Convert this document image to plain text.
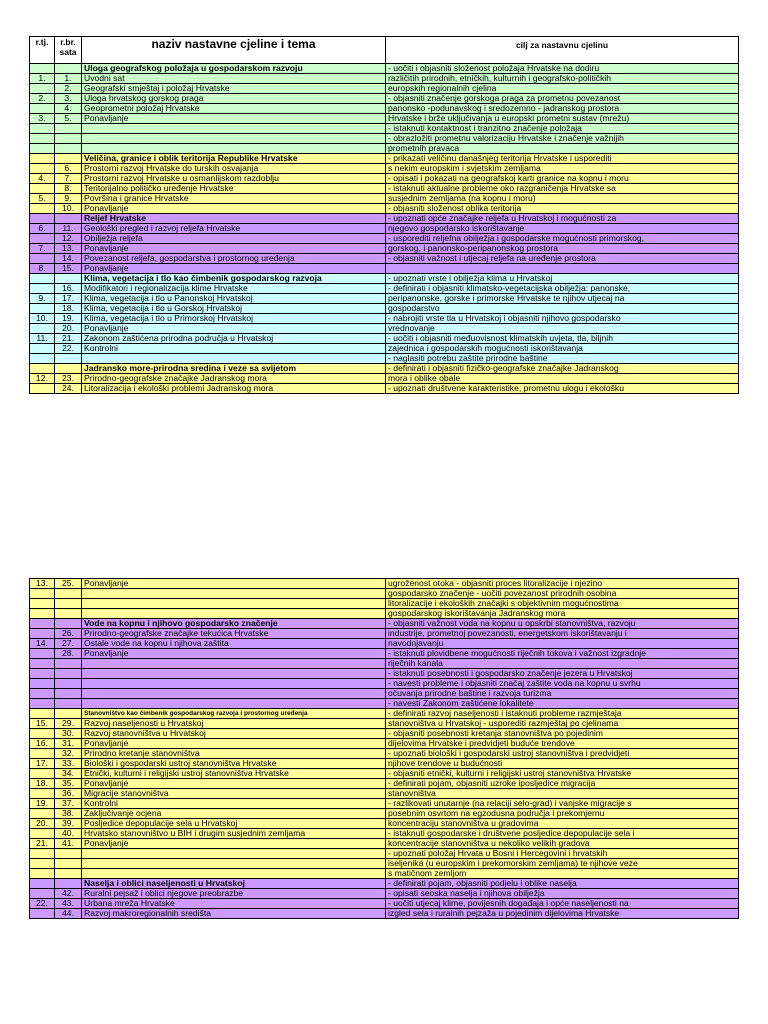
r.tj.	r.br. sata	naziv nastavne cjeline i tema	cilj za nastavnu cjelinu
		Uloga geografskog položaja u gospodarskom razvoju	- uočiti i objasniti složenost položaja Hrvatske na dodiru
1.	1.	Uvodni sat	različitih prirodnih, etničkih, kulturnih i geografsko-političkih
	2.	Geografski smještaj i položaj Hrvatske	europskih regionalnih cjelina
2.	3.	Uloga hrvatskog gorskog praga	- objasniti značenje gorskoga praga za prometnu povezanost
	4.	Geoprometni položaj Hrvatske	panonsko -podunavskog i sredozemno - jadranskog prostora
3.	5.	Ponavljanje	Hrvatske i brže uključivanja u europski prometni sustav (mrežu)
			- istaknuti kontaktnost i tranzitno značenje položaja
			- obrazložiti prometnu valorizaciju Hrvatske i značenje važnijih
			prometnih pravaca
		Veličina, granice i oblik teritorija Republike Hrvatske	- prikazati veličinu današnjeg teritorija Hrvatske i usporediti
	6.	Prostorni razvoj Hrvatske do turskih osvajanja	s nekim europskim i svjetskim zemljama
4.	7.	Prostorni razvoj Hrvatske u osmanlijskom razdoblju	- opisati i pokazati na geografskoj karti granice na kopnu i moru
	8.	Teritorijalno političko uređenje Hrvatske	- istaknuti aktualne probleme oko razgraničenja Hrvatske sa
5.	9.	Površina i granice Hrvatske	susjednim zemljama (na kopnu i moru)
	10.	Ponavljanje	- objasniti složenost oblika teritorija
		Reljef Hrvatske	- upoznati opće značajke reljefa u Hrvatskoj i mogućnosti za
6.	11.	Geološki pregled i razvoj reljefa Hrvatske	njegovo gospodarsko iskorištavanje
	12.	Obilježja reljefa	- usporediti reljefna obilježja i gospodarske mogućnosti primorskog,
7.	13.	Ponavljanje	gorskog, i panonsko-peripanonskog prostora
	14.	Povezanost reljefa, gospodarstva i prostornog uređenja	- objasniti važnost i utjecaj reljefa na uređenje prostora
8.	15.	Ponavljanje	
		Klima, vegetacija i tlo kao čimbenik gospodarskog razvoja	- upoznati vrste i obilježja klima u Hrvatskoj
	16.	Modifikatori i regionalizacija klime Hrvatske	- definirati i objasniti klimatsko-vegetacijska obilježja: panonske,
9.	17.	Klima, vegetacija i tlo u Panonskoj Hrvatskoj	peripanonske, gorske i primorske Hrvatske te njihov utjecaj na
	18.	Klima, vegetacija i tlo u Gorskoj Hrvatskoj	gospodarstvo
10.	19.	Klima, vegetacija i tlo u Primorskoj Hrvatskoj	- nabrojiti vrste tla u Hrvatskoj i objasniti njihovo gospodarsko
	20.	Ponavljanje	vrednovanje
11.	21.	Zakonom zaštićena prirodna područja u Hrvatskoj	- uočiti i objasniti međuovisnost klimatskih uvjeta, tla, biljnih
	22.	Kontrolni	zajednica i gospodarskih mogućnosti iskorištavanja
			- naglasiti potrebu zaštite prirodne baštine
		Jadransko more-prirodna sredina i veze sa svijetom	- definirati i objasniti fizičko-geografske značajke Jadranskog
12.	23.	Prirodno-geografske značajke Jadranskog mora	mora i oblike obale
	24.	Litoralizacija i ekološki problemi Jadranskog mora	- upoznati društvene karakteristike, prometnu ulogu i ekološku
13.	25.	Ponavljanje	ugroženost otoka - objasniti proces litoralizacije i njezino
			gospodarsko značenje - uočiti povezanost prirodnih osobina
			litoralizacije i ekoloških značajki s objektivnim mogućnostima
			gospodarskog iskorištavanja Jadranskog mora
		Vode na kopnu i njihovo gospodarsko značenje	- objasniti važnost voda na kopnu u opskrbi stanovništva, razvoju
	26.	Prirodno-geografske značajke tekućica Hrvatske	industrije, prometnoj povezanosti, energetskom iskorištavanju i
14.	27.	Ostale vode na kopnu i njihova zaštita	navodnjavanju
	28.	Ponavljanje	- istaknuti plovidbene mogućnosti riječnih tokova i važnost izgradnje
			riječnih kanala
			- istaknuti posebnosti i gospodarsko značenje jezera u Hrvatskoj
			- navesti probleme i objasniti značaj zaštite voda na kopnu u svrhu
			očuvanja prirodne baštine i razvoja turizma
			- navesti Zakonom zaštićene lokalitete
		Stanovništvo kao čimbenik gospodarskog razvoja i prostornog uređenja	- definirati razvoj naseljenosti i istaknuti probleme razmještaja
15.	29.	Razvoj naseljenosti u Hrvatskoj	stanovništva u Hrvatskoj - usporediti razmještaj po cjelinama
	30.	Razvoj stanovništva u Hrvatskoj	- objasniti posebnosti kretanja stanovništva po pojedinim
16.	31.	Ponavljanje	dijelovima Hrvatske i predvidjeti buduće trendove
	32.	Prirodno kretanje stanovništva	- upoznati biološki i gospodarski ustroj stanovništva i predvidjeti
17.	33.	Biološki i gospodarski ustroj stanovništva Hrvatske	njihove trendove u budućnosti
	34.	Etnički, kulturni i religijski ustroj stanovništva Hrvatske	- objasniti etnički, kulturni i religijski ustroj stanovništva Hrvatske
18.	35.	Ponavljanje	- definirati pojam, objasniti uzroke iposljedice migracija
	36.	Migracije stanovništva	stanovništva
19.	37.	Kontrolni	- razlikovati unutarnje (na relaciji selo-grad) i vanjske migracije s
	38.	Zaključivanje ocjena	posebnim osvrtom na egzodusna područja i prekomjernu
20.	39.	Posljedice depopulacije sela u Hrvatskoj	koncentraciju stanovništva u gradovima
	40.	Hrvatsko stanovništvo u BIH i drugim susjednim zemljama	- istaknuti gospodarske i društvene posljedice depopulacije sela i
21.	41.	Ponavljanje	koncentracije stanovništva u nekoliko velikih gradova
			- upoznati položaj Hrvata u Bosni i Hercegovini i hrvatskih
			iseljenika (u europskim i prekomorskim zemljama) te njihove veze
			s matičnom zemljom
		Naselja i oblici naseljenosti u Hrvatskoj	- definirati pojam, objasniti podjelu i oblike naselja
	42.	Ruralni pejsaž i oblici njegove preobrazbe	- opisati seoska naselja i njihova obilježja
22.	43.	Urbana mreža Hrvatske	- uočiti utjecaj klime, povijesnih događaja i opće naseljenosti na
	44.	Razvoj makroregionalnih središta	izgled sela i ruralnih pejzaža u pojedinim dijelovima Hrvatske
